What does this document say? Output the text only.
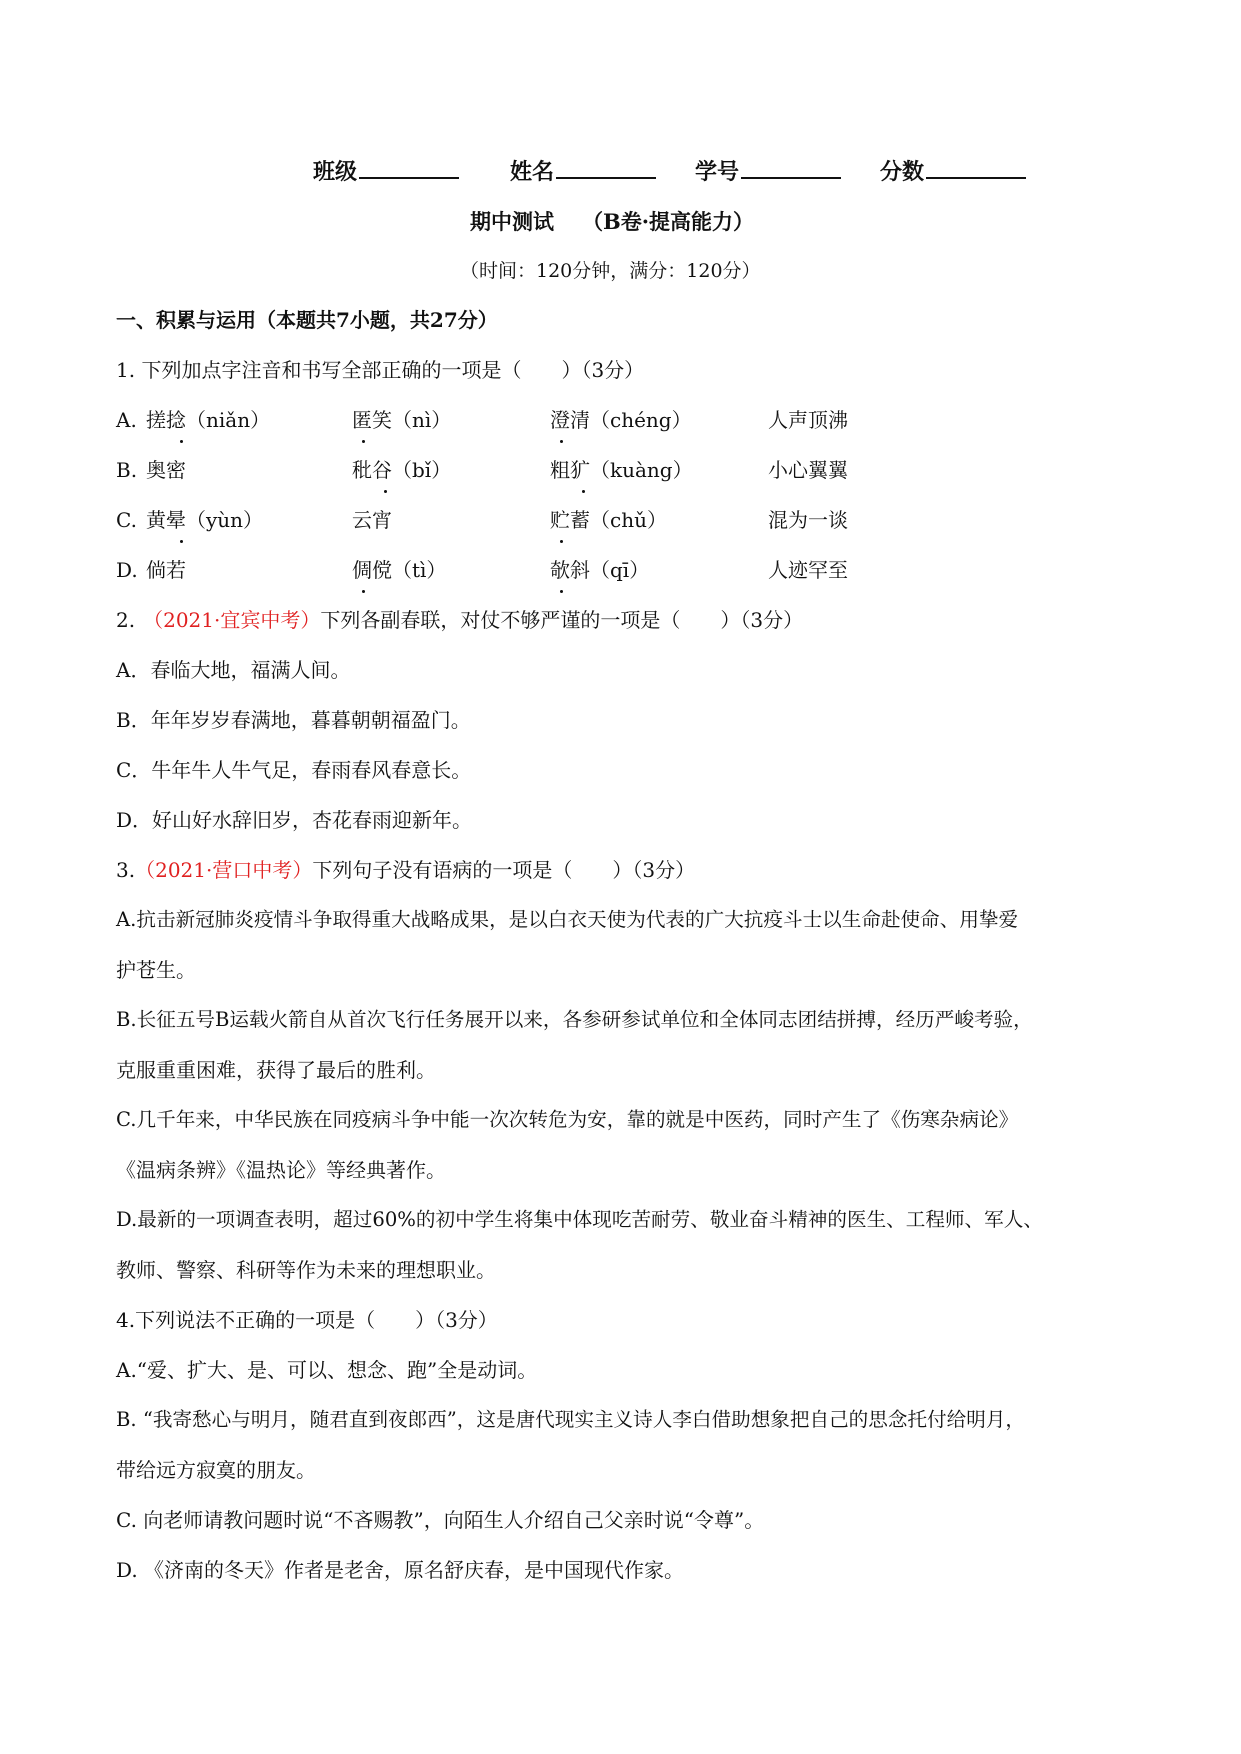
班级	姓名	学号	分数
期中测试 （B卷·提高能力）
（时间：120分钟，满分：120分）
一、积累与运用（本题共7小题，共27分）
1. 下列加点字注音和书写全部正确的一项是（　　）（3分）
A. 搓捻（niǎn）	匿笑（nì）	澄清（chéng）	人声顶沸
B. 奥密	秕谷（bǐ）	粗犷（kuàng）	小心翼翼
C. 黄晕（yùn）	云宵	贮蓄（chǔ）	混为一谈
D. 倘若	倜傥（tì）	欹斜（qī）	人迹罕至
2. （2021·宜宾中考）下列各副春联，对仗不够严谨的一项是（　　）（3分）
A．春临大地，福满人间。
B．年年岁岁春满地，暮暮朝朝福盈门。
C．牛年牛人牛气足，春雨春风春意长。
D．好山好水辞旧岁，杏花春雨迎新年。
3.（2021·营口中考）下列句子没有语病的一项是（　　）（3分）
A.抗击新冠肺炎疫情斗争取得重大战略成果，是以白衣天使为代表的广大抗疫斗士以生命赴使命、用挚爱
护苍生。
B.长征五号B运载火箭自从首次飞行任务展开以来，各参研参试单位和全体同志团结拼搏，经历严峻考验，
克服重重困难，获得了最后的胜利。
C.几千年来，中华民族在同疫病斗争中能一次次转危为安，靠的就是中医药，同时产生了《伤寒杂病论》
《温病条辨》《温热论》等经典著作。
D.最新的一项调查表明，超过60%的初中学生将集中体现吃苦耐劳、敬业奋斗精神的医生、工程师、军人、
教师、警察、科研等作为未来的理想职业。
4.下列说法不正确的一项是（　　）（3分）
A.“爱、扩大、是、可以、想念、跑”全是动词。
B. “我寄愁心与明月，随君直到夜郎西”，这是唐代现实主义诗人李白借助想象把自己的思念托付给明月，
带给远方寂寞的朋友。
C. 向老师请教问题时说“不吝赐教”，向陌生人介绍自己父亲时说“令尊”。
D. 《济南的冬天》作者是老舍，原名舒庆春，是中国现代作家。
